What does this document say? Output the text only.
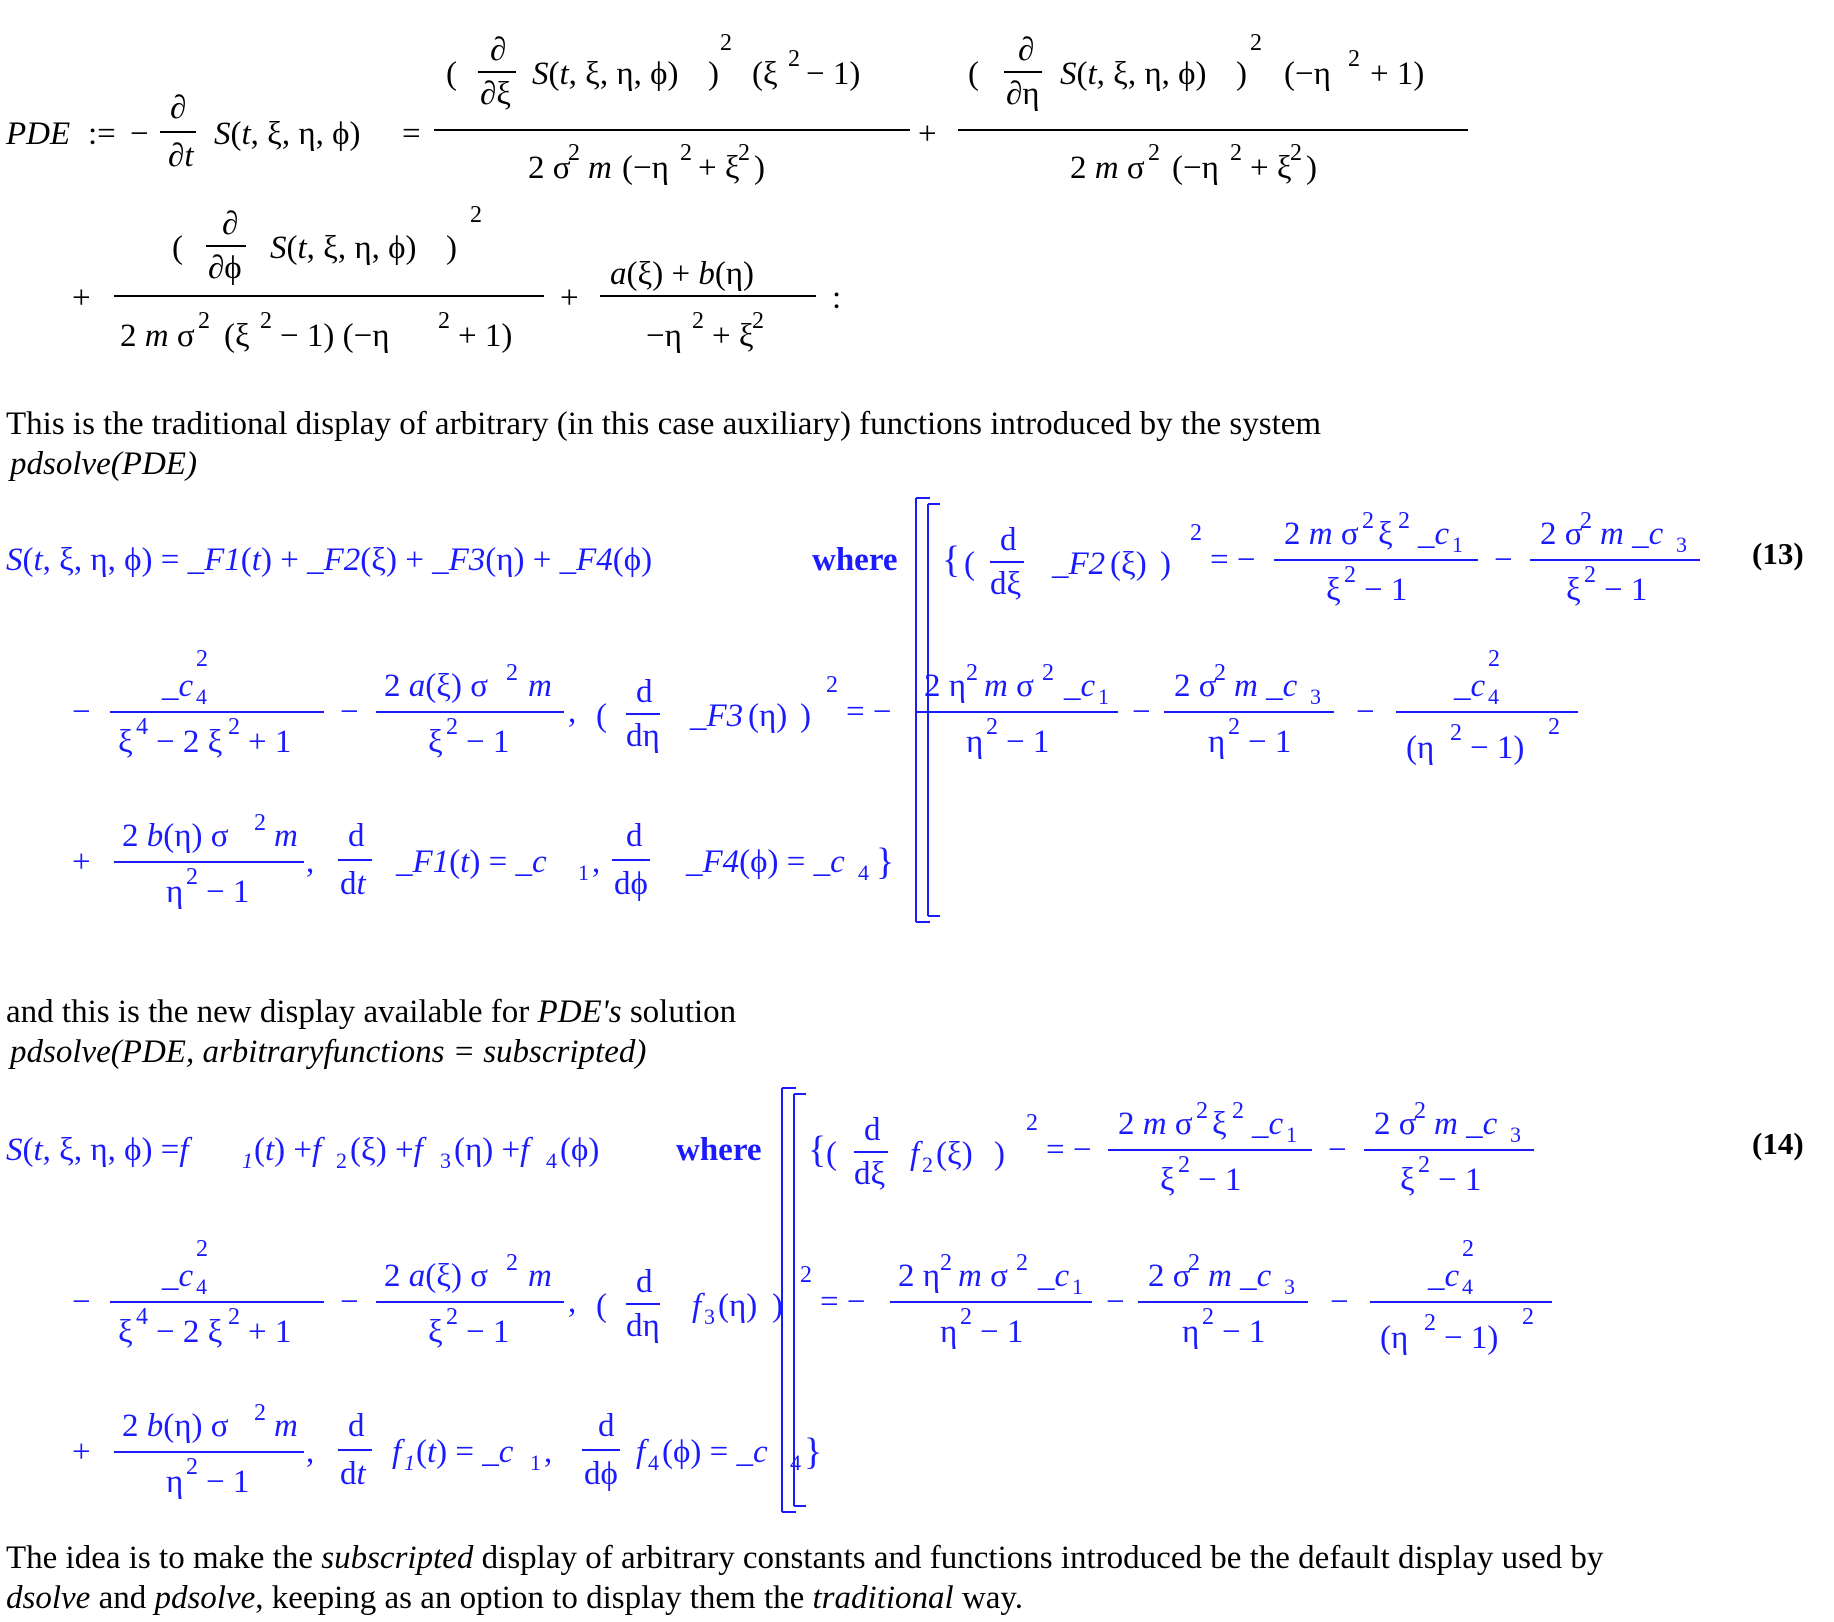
PDE := −
∂
∂t
S(t, ξ, η, ϕ) =
(
∂
∂ξ
S(t, ξ, η, ϕ) )
2
(ξ 2 − 1)
2 σ
2 m (−η 2 + ξ
2 )
+
(
∂
∂η
S(t, ξ, η, ϕ) )
2
(−η 2 + 1)
2 m σ 2 (−η 2 + ξ
2 )
+
(
∂
∂ϕ
S(t, ξ, η, ϕ) )
2
2 m σ 2 (ξ 2 − 1) (−η 2 + 1)
+
a(ξ) + b(η)
−η 2 + ξ
2
:
This is the traditional display of arbitrary (in this case auxiliary) functions introduced by the system
pdsolve(PDE)
S(t, ξ, η, ϕ) = _F1(t) + _F2(ξ) + _F3(η) + _F4(ϕ)	where { (
d
dξ
_F2 (ξ) )
2
= −
2 m σ 2 ξ 2 _c 1
ξ 2 − 1
−
2 σ
2 m _c 3
ξ 2 − 1
−
_c
2
4
ξ 4 − 2 ξ 2 + 1
−
2 a(ξ) σ 2 m
ξ 2 − 1
, (
d
dη
_F3 (η) )
2
= −
2 η 2 m σ 2 _c 1
η 2 − 1
−
2 σ
2 m _c 3
η 2 − 1
−
_c
2
4
(η 2 − 1)
2
+
2 b(η) σ 2 m
η 2 − 1
,
d
dt
_F1(t) = _c 1 ,
d
dϕ
_F4(ϕ) = _c 4 }
(13)
and this is the new display available for PDE's solution
pdsolve(PDE, arbitraryfunctions = subscripted)
S(t, ξ, η, ϕ) =f 1 (t) +f 2 (ξ) +f 3 (η) +f 4 (ϕ) where { (
d
dξ
f 2 (ξ) )
2
= −
2 m σ 2 ξ 2 _c 1
ξ 2 − 1
−
2 σ
2 m _c 3
ξ 2 − 1
−
_c
2
4
ξ 4 − 2 ξ 2 + 1
−
2 a(ξ) σ 2 m
ξ 2 − 1
, (
d
dη
f 3 (η) )
2
= −
2 η 2 m σ 2 _c 1
η 2 − 1
−
2 σ
2 m _c 3
η 2 − 1
−
_c
2
4
(η 2 − 1)
2
+
2 b(η) σ 2 m
η 2 − 1
,
d
dt
f 1 (t) = _c 1 ,
d
dϕ
f 4 (ϕ) = _c 4 }
(14)
The idea is to make the subscripted display of arbitrary constants and functions introduced be the default display used by
dsolve and pdsolve, keeping as an option to display them the traditional way.
